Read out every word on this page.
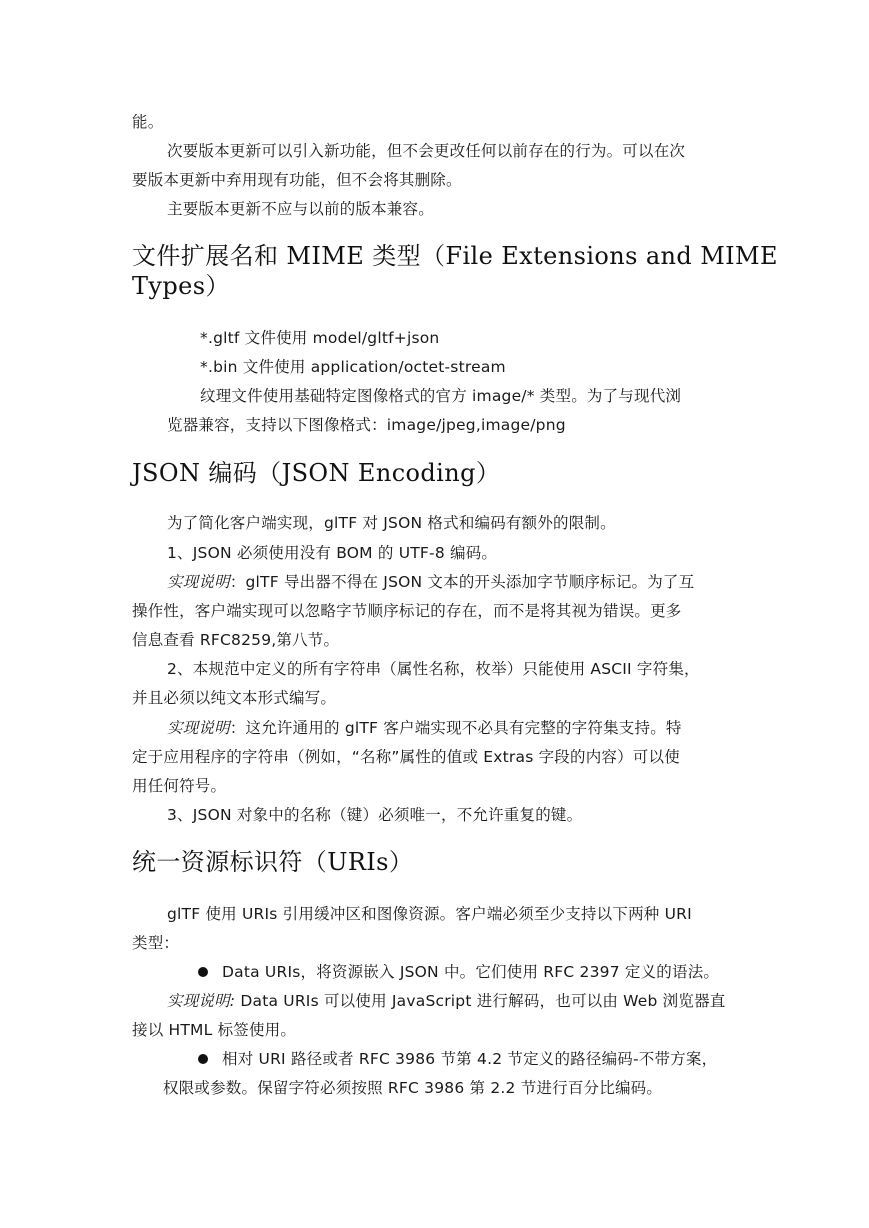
能。
次要版本更新可以引入新功能，但不会更改任何以前存在的行为。可以在次
要版本更新中弃用现有功能，但不会将其删除。
主要版本更新不应与以前的版本兼容。
文件扩展名和 MIME 类型（File Extensions and MIME
Types）
*.gltf 文件使用 model/gltf+json
*.bin 文件使用 application/octet-stream
纹理文件使用基础特定图像格式的官方 image/* 类型。为了与现代浏
览器兼容，支持以下图像格式：image/jpeg,image/png
JSON 编码（JSON Encoding）
为了简化客户端实现，glTF 对 JSON 格式和编码有额外的限制。
1、JSON 必须使用没有 BOM 的 UTF-8 编码。
实现说明：glTF 导出器不得在 JSON 文本的开头添加字节顺序标记。为了互
操作性，客户端实现可以忽略字节顺序标记的存在，而不是将其视为错误。更多
信息查看 RFC8259,第八节。
2、本规范中定义的所有字符串（属性名称，枚举）只能使用 ASCII 字符集，
并且必须以纯文本形式编写。
实现说明：这允许通用的 glTF 客户端实现不必具有完整的字符集支持。特
定于应用程序的字符串（例如，“名称”属性的值或 Extras 字段的内容）可以使
用任何符号。
3、JSON 对象中的名称（键）必须唯一，不允许重复的键。
统一资源标识符（URIs）
glTF 使用 URIs 引用缓冲区和图像资源。客户端必须至少支持以下两种 URI
类型：
Data URIs，将资源嵌入 JSON 中。它们使用 RFC 2397 定义的语法。
实现说明: Data URIs 可以使用 JavaScript 进行解码，也可以由 Web 浏览器直
接以 HTML 标签使用。
相对 URI 路径或者 RFC 3986 节第 4.2 节定义的路径编码-不带方案，
权限或参数。保留字符必须按照 RFC 3986 第 2.2 节进行百分比编码。
